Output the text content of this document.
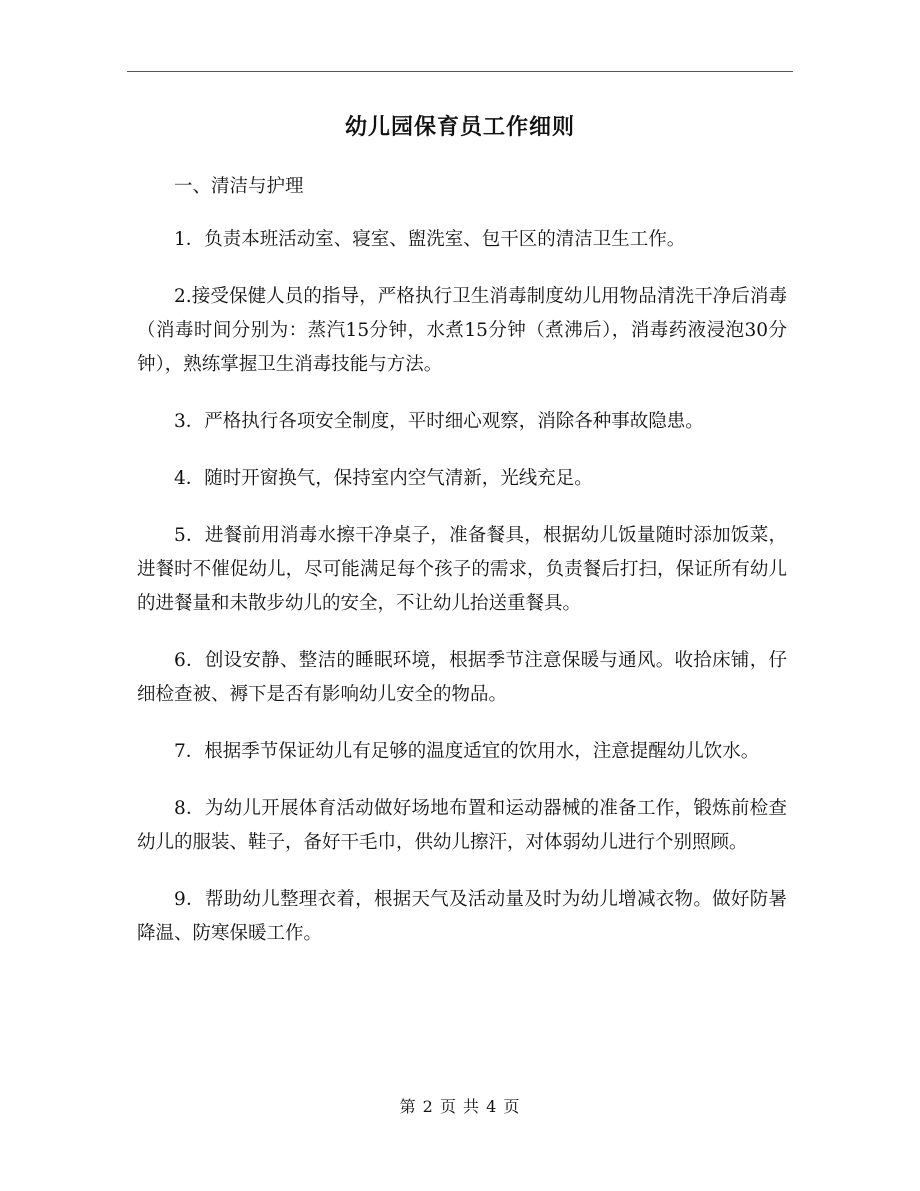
幼儿园保育员工作细则

一、清洁与护理

1．负责本班活动室、寝室、盥洗室、包干区的清洁卫生工作。

2.接受保健人员的指导，严格执行卫生消毒制度幼儿用物品清洗干净后消毒（消毒时间分别为：蒸汽15分钟，水煮15分钟（煮沸后），消毒药液浸泡30分钟），熟练掌握卫生消毒技能与方法。

3．严格执行各项安全制度，平时细心观察，消除各种事故隐患。

4．随时开窗换气，保持室内空气清新，光线充足。

5．进餐前用消毒水擦干净桌子，准备餐具，根据幼儿饭量随时添加饭菜，进餐时不催促幼儿，尽可能满足每个孩子的需求，负责餐后打扫，保证所有幼儿的进餐量和未散步幼儿的安全，不让幼儿抬送重餐具。

6．创设安静、整洁的睡眠环境，根据季节注意保暖与通风。收拾床铺，仔细检查被、褥下是否有影响幼儿安全的物品。

7．根据季节保证幼儿有足够的温度适宜的饮用水，注意提醒幼儿饮水。

8．为幼儿开展体育活动做好场地布置和运动器械的准备工作，锻炼前检查幼儿的服装、鞋子，备好干毛巾，供幼儿擦汗，对体弱幼儿进行个别照顾。

9．帮助幼儿整理衣着，根据天气及活动量及时为幼儿增减衣物。做好防暑降温、防寒保暖工作。

第 2 页 共 4 页
